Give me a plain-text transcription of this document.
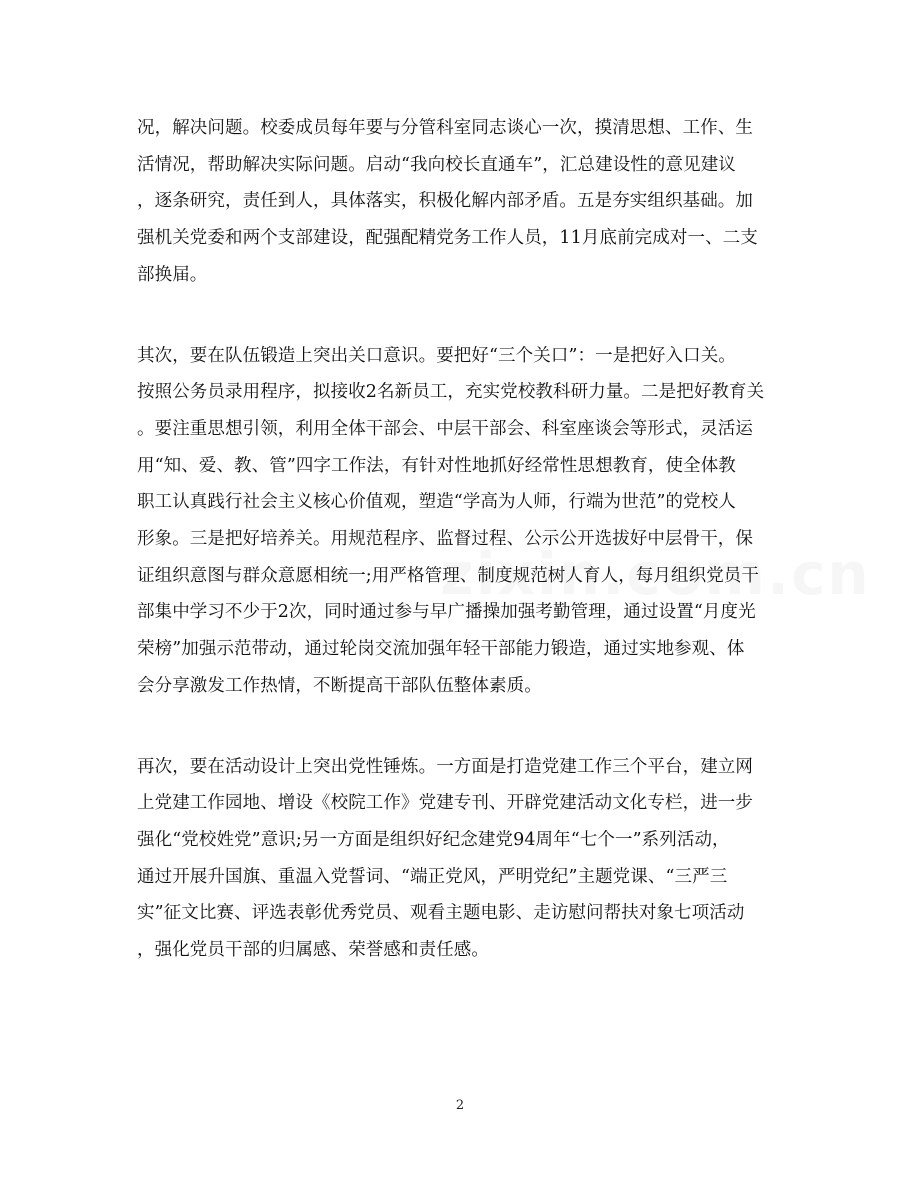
况，解决问题。校委成员每年要与分管科室同志谈心一次，摸清思想、工作、生
活情况，帮助解决实际问题。启动“我向校长直通车”，汇总建设性的意见建议
，逐条研究，责任到人，具体落实，积极化解内部矛盾。五是夯实组织基础。加
强机关党委和两个支部建设，配强配精党务工作人员，11月底前完成对一、二支
部换届。

其次，要在队伍锻造上突出关口意识。要把好“三个关口”：一是把好入口关。
按照公务员录用程序，拟接收2名新员工，充实党校教科研力量。二是把好教育关
。要注重思想引领，利用全体干部会、中层干部会、科室座谈会等形式，灵活运
用“知、爱、教、管”四字工作法，有针对性地抓好经常性思想教育，使全体教
职工认真践行社会主义核心价值观，塑造“学高为人师，行端为世范”的党校人
形象。三是把好培养关。用规范程序、监督过程、公示公开选拔好中层骨干，保
证组织意图与群众意愿相统一;用严格管理、制度规范树人育人，每月组织党员干
部集中学习不少于2次，同时通过参与早广播操加强考勤管理，通过设置“月度光
荣榜”加强示范带动，通过轮岗交流加强年轻干部能力锻造，通过实地参观、体
会分享激发工作热情，不断提高干部队伍整体素质。

再次，要在活动设计上突出党性锤炼。一方面是打造党建工作三个平台，建立网
上党建工作园地、增设《校院工作》党建专刊、开辟党建活动文化专栏，进一步
强化“党校姓党”意识;另一方面是组织好纪念建党94周年“七个一”系列活动，
通过开展升国旗、重温入党誓词、“端正党风，严明党纪”主题党课、“三严三
实”征文比赛、评选表彰优秀党员、观看主题电影、走访慰问帮扶对象七项活动
，强化党员干部的归属感、荣誉感和责任感。

2
